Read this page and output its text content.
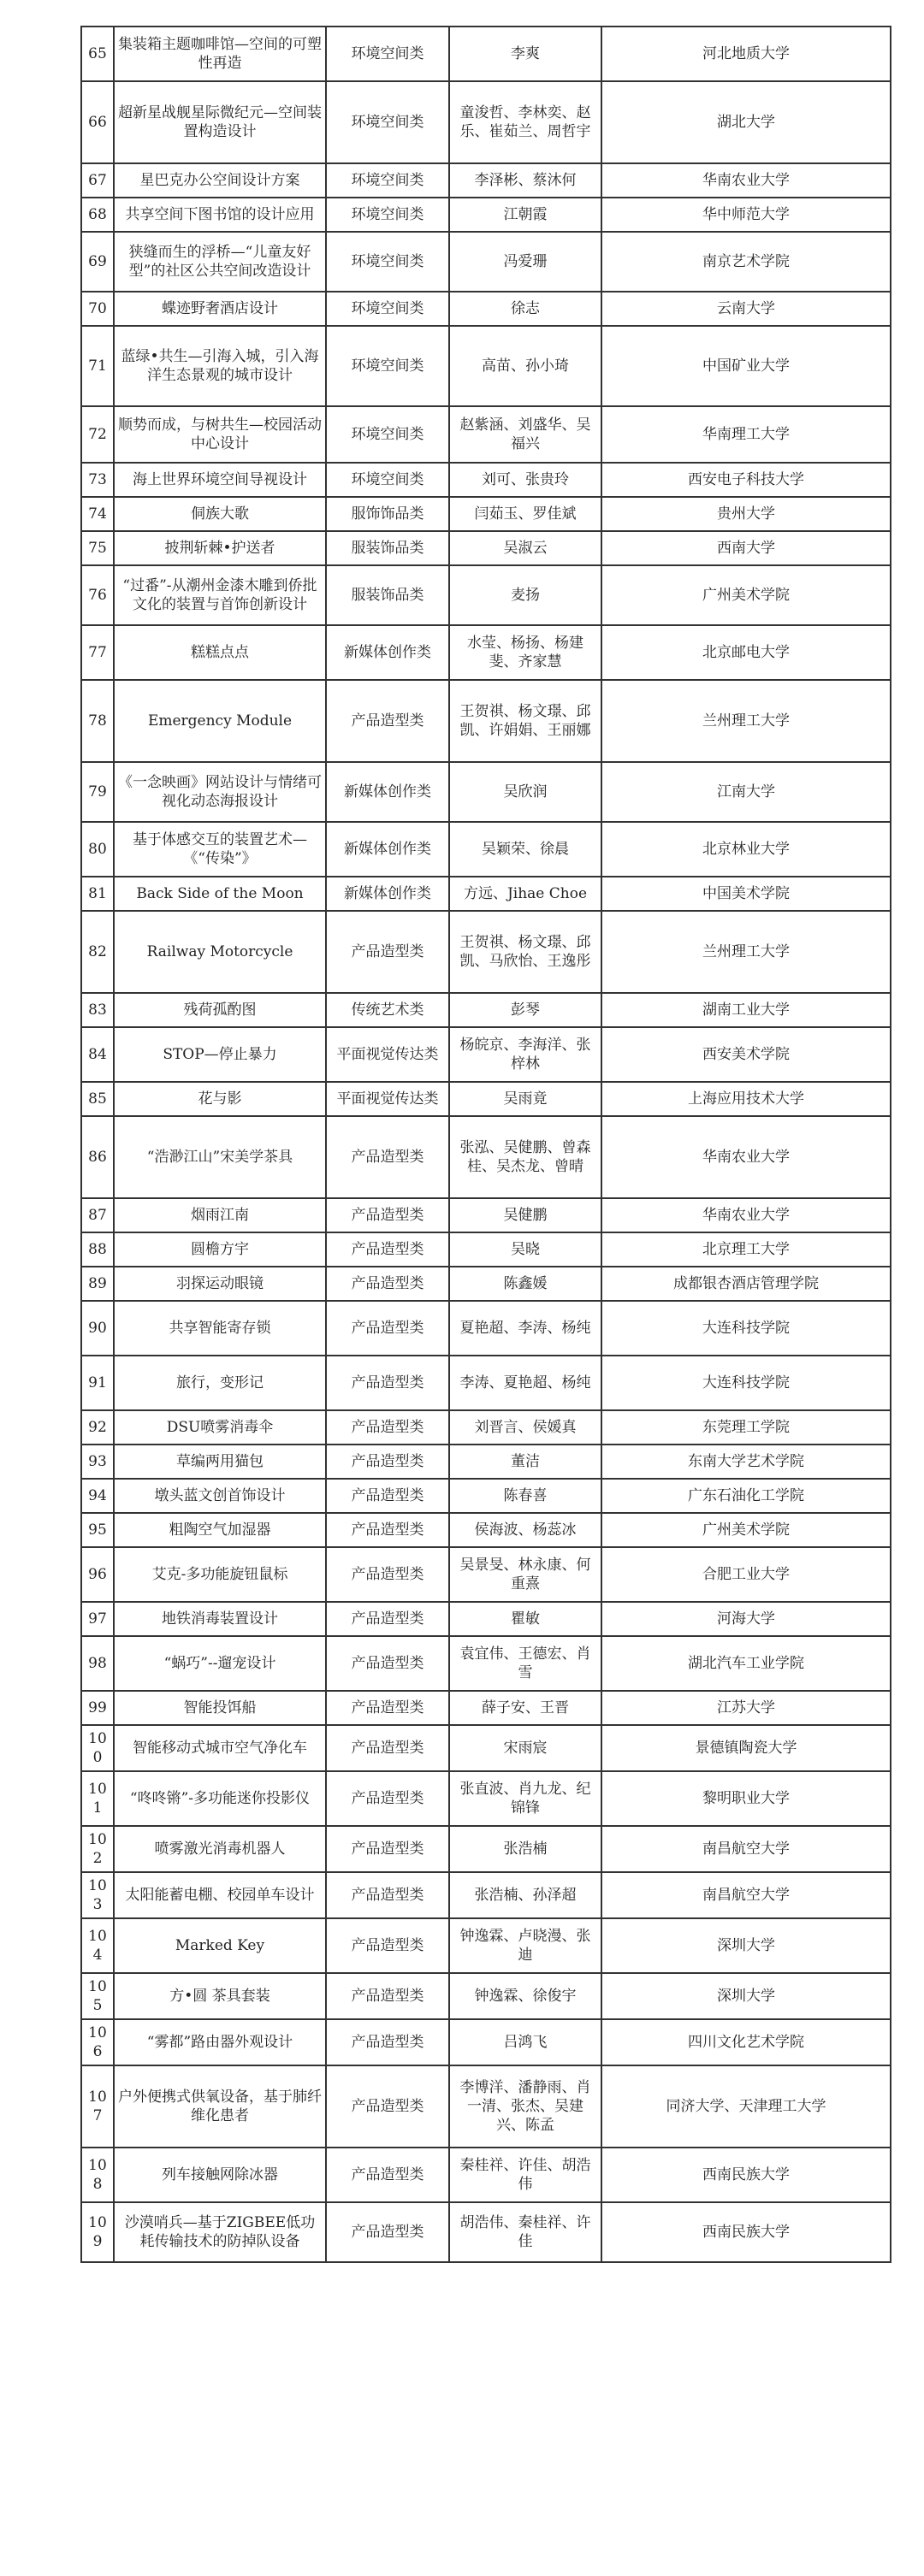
65	集装箱主题咖啡馆—空间的可塑性再造	环境空间类	李爽	河北地质大学
66	超新星战舰星际微纪元—空间装置构造设计	环境空间类	童浚哲、李林奕、赵乐、崔茹兰、周哲宇	湖北大学
67	星巴克办公空间设计方案	环境空间类	李泽彬、蔡沐何	华南农业大学
68	共享空间下图书馆的设计应用	环境空间类	江朝霞	华中师范大学
69	狭缝而生的浮桥—“儿童友好型”的社区公共空间改造设计	环境空间类	冯爱珊	南京艺术学院
70	蝶迹野奢酒店设计	环境空间类	徐志	云南大学
71	蓝绿•共生—引海入城，引入海洋生态景观的城市设计	环境空间类	高苗、孙小琦	中国矿业大学
72	顺势而成，与树共生—校园活动中心设计	环境空间类	赵紫涵、刘盛华、吴福兴	华南理工大学
73	海上世界环境空间导视设计	环境空间类	刘可、张贵玲	西安电子科技大学
74	侗族大歌	服饰饰品类	闫茹玉、罗佳斌	贵州大学
75	披荆斩棘•护送者	服装饰品类	吴淑云	西南大学
76	“过番”-从潮州金漆木雕到侨批文化的装置与首饰创新设计	服装饰品类	麦扬	广州美术学院
77	糕糕点点	新媒体创作类	水莹、杨扬、杨建斐、齐家慧	北京邮电大学
78	Emergency Module	产品造型类	王贺祺、杨文璟、邱凯、许娟娟、王丽娜	兰州理工大学
79	《一念映画》网站设计与情绪可视化动态海报设计	新媒体创作类	吴欣润	江南大学
80	基于体感交互的装置艺术—《“传染”》	新媒体创作类	吴颖荣、徐晨	北京林业大学
81	Back Side of the Moon	新媒体创作类	方远、Jihae Choe	中国美术学院
82	Railway Motorcycle	产品造型类	王贺祺、杨文璟、邱凯、马欣怡、王逸彤	兰州理工大学
83	残荷孤酌图	传统艺术类	彭琴	湖南工业大学
84	STOP—停止暴力	平面视觉传达类	杨皖京、李海洋、张梓林	西安美术学院
85	花与影	平面视觉传达类	吴雨竟	上海应用技术大学
86	“浩渺江山”宋美学茶具	产品造型类	张泓、吴健鹏、曾森桂、吴杰龙、曾晴	华南农业大学
87	烟雨江南	产品造型类	吴健鹏	华南农业大学
88	圆檐方宇	产品造型类	吴晓	北京理工大学
89	羽探运动眼镜	产品造型类	陈鑫媛	成都银杏酒店管理学院
90	共享智能寄存锁	产品造型类	夏艳超、李涛、杨纯	大连科技学院
91	旅行，变形记	产品造型类	李涛、夏艳超、杨纯	大连科技学院
92	DSU喷雾消毒伞	产品造型类	刘晋言、侯媛真	东莞理工学院
93	草编两用猫包	产品造型类	董洁	东南大学艺术学院
94	墩头蓝文创首饰设计	产品造型类	陈春喜	广东石油化工学院
95	粗陶空气加湿器	产品造型类	侯海波、杨蕊冰	广州美术学院
96	艾克-多功能旋钮鼠标	产品造型类	吴景旻、林永康、何重熹	合肥工业大学
97	地铁消毒装置设计	产品造型类	瞿敏	河海大学
98	“蜗巧”--遛宠设计	产品造型类	袁宜伟、王德宏、肖雪	湖北汽车工业学院
99	智能投饵船	产品造型类	薛子安、王晋	江苏大学
100	智能移动式城市空气净化车	产品造型类	宋雨宸	景德镇陶瓷大学
101	“咚咚锵”-多功能迷你投影仪	产品造型类	张直波、肖九龙、纪锦锋	黎明职业大学
102	喷雾激光消毒机器人	产品造型类	张浩楠	南昌航空大学
103	太阳能蓄电棚、校园单车设计	产品造型类	张浩楠、孙泽超	南昌航空大学
104	Marked Key	产品造型类	钟逸霖、卢晓漫、张迪	深圳大学
105	方•圆 茶具套装	产品造型类	钟逸霖、徐俊宇	深圳大学
106	“雾都”路由器外观设计	产品造型类	吕鸿飞	四川文化艺术学院
107	户外便携式供氧设备，基于肺纤维化患者	产品造型类	李博洋、潘静雨、肖一清、张杰、吴建兴、陈孟	同济大学、天津理工大学
108	列车接触网除冰器	产品造型类	秦桂祥、许佳、胡浩伟	西南民族大学
109	沙漠哨兵—基于ZIGBEE低功耗传输技术的防掉队设备	产品造型类	胡浩伟、秦桂祥、许佳	西南民族大学
